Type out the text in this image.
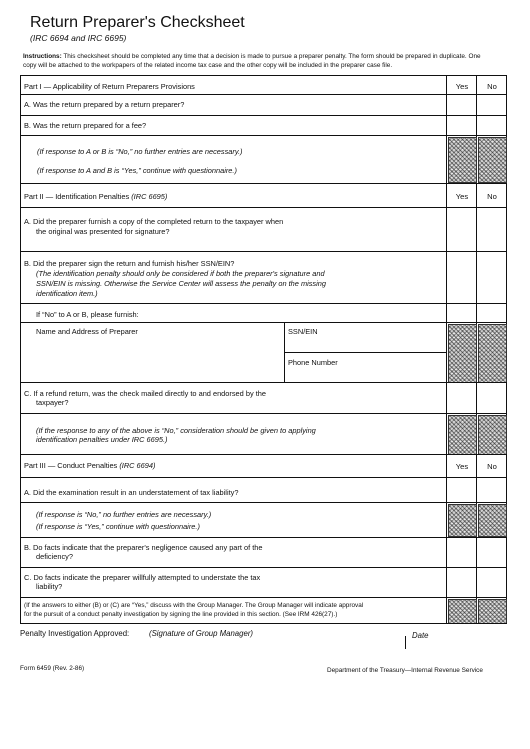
Return Preparer's Checksheet
(IRC 6694 and IRC 6695)
Instructions: This checksheet should be completed any time that a decision is made to pursue a preparer penalty. The form should be prepared in duplicate. One
copy will be attached to the workpapers of the related income tax case and the other copy will be included in the preparer case file.
Part I — Applicability of Return Preparers Provisions	Yes	No
A. Was the return prepared by a return preparer?
B. Was the return prepared for a fee?
(If response to A or B is “No,” no further entries are necessary.)
(If response to A and B is “Yes,” continue with questionnaire.)
Part II — Identification Penalties (IRC 6695)	Yes	No
A. Did the preparer furnish a copy of the completed return to the taxpayer when
the original was presented for signature?
B. Did the preparer sign the return and furnish his/her SSN/EIN?
(The identification penalty should only be considered if both the preparer's signature and
SSN/EIN is missing. Otherwise the Service Center will assess the penalty on the missing
identification item.)
If “No” to A or B, please furnish:
Name and Address of Preparer	SSN/EIN
Phone Number
C. If a refund return, was the check mailed directly to and endorsed by the
taxpayer?
(If the response to any of the above is “No,” consideration should be given to applying
identification penalties under IRC 6695.)
Part III — Conduct Penalties (IRC 6694)	Yes	No
A. Did the examination result in an understatement of tax liability?
(If response is “No,” no further entries are necessary.)
(If response is “Yes,” continue with questionnaire.)
B. Do facts indicate that the preparer's negligence caused any part of the
deficiency?
C. Do facts indicate the preparer willfully attempted to understate the tax
liability?
(If the answers to either (B) or (C) are “Yes,” discuss with the Group Manager. The Group Manager will indicate approval
for the pursuit of a conduct penalty investigation by signing the line provided in this section. (See IRM 426(27).)
Penalty Investigation Approved:	(Signature of Group Manager)	Date
Form 6459 (Rev. 2-86)	Department of the Treasury—Internal Revenue Service
